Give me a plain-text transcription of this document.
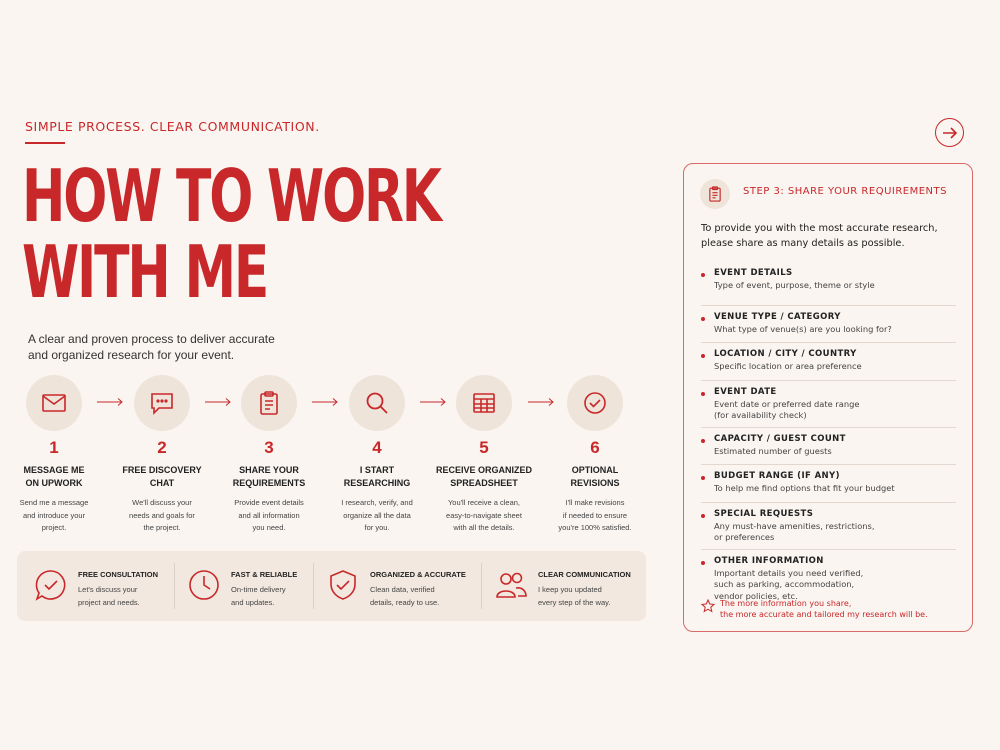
SIMPLE PROCESS. CLEAR COMMUNICATION.
HOW TO WORK
WITH ME
A clear and proven process to deliver accurate and organized research for your event.
1
MESSAGE ME
ON UPWORK
Send me a message
and introduce your
project.
2
FREE DISCOVERY
CHAT
We'll discuss your
needs and goals for
the project.
3
SHARE YOUR
REQUIREMENTS
Provide event details
and all information
you need.
4
I START
RESEARCHING
I research, verify, and
organize all the data
for you.
5
RECEIVE ORGANIZED
SPREADSHEET
You'll receive a clean,
easy-to-navigate sheet
with all the details.
6
OPTIONAL
REVISIONS
I'll make revisions
if needed to ensure
you're 100% satisfied.
FREE CONSULTATION
Let's discuss your
project and needs.
FAST & RELIABLE
On-time delivery
and updates.
ORGANIZED & ACCURATE
Clean data, verified
details, ready to use.
CLEAR COMMUNICATION
I keep you updated
every step of the way.
STEP 3: SHARE YOUR REQUIREMENTS
To provide you with the most accurate research, please share as many details as possible.
EVENT DETAILS
Type of event, purpose, theme or style
VENUE TYPE / CATEGORY
What type of venue(s) are you looking for?
LOCATION / CITY / COUNTRY
Specific location or area preference
EVENT DATE
Event date or preferred date range
(for availability check)
CAPACITY / GUEST COUNT
Estimated number of guests
BUDGET RANGE (IF ANY)
To help me find options that fit your budget
SPECIAL REQUESTS
Any must-have amenities, restrictions,
or preferences
OTHER INFORMATION
Important details you need verified,
such as parking, accommodation,
vendor policies, etc.
The more information you share,
the more accurate and tailored my research will be.
